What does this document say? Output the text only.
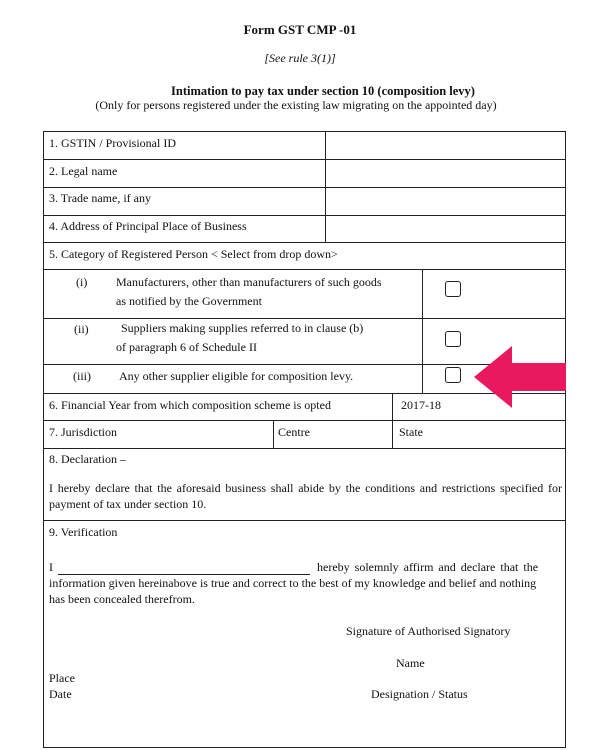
Form GST CMP -01
[See rule 3(1)]
Intimation to pay tax under section 10 (composition levy)
(Only for persons registered under the existing law migrating on the appointed day)
1. GSTIN / Provisional ID
2. Legal name
3. Trade name, if any
4. Address of Principal Place of Business
5. Category of Registered Person < Select from drop down>
(i) Manufacturers, other than manufacturers of such goods
as notified by the Government
(ii)	Suppliers making supplies referred to in clause (b)
of paragraph 6 of Schedule II
(iii) Any other supplier eligible for composition levy.
6. Financial Year from which composition scheme is opted	2017-18
7. Jurisdiction	Centre	State
8. Declaration –
I hereby declare that the aforesaid business shall abide by the conditions and restrictions specified for payment of tax under section 10.
9. Verification
I	hereby solemnly affirm and declare that the
information given hereinabove is true and correct to the best of my knowledge and belief and nothing
has been concealed therefrom.
Signature of Authorised Signatory
Name
Place
Date	Designation / Status
